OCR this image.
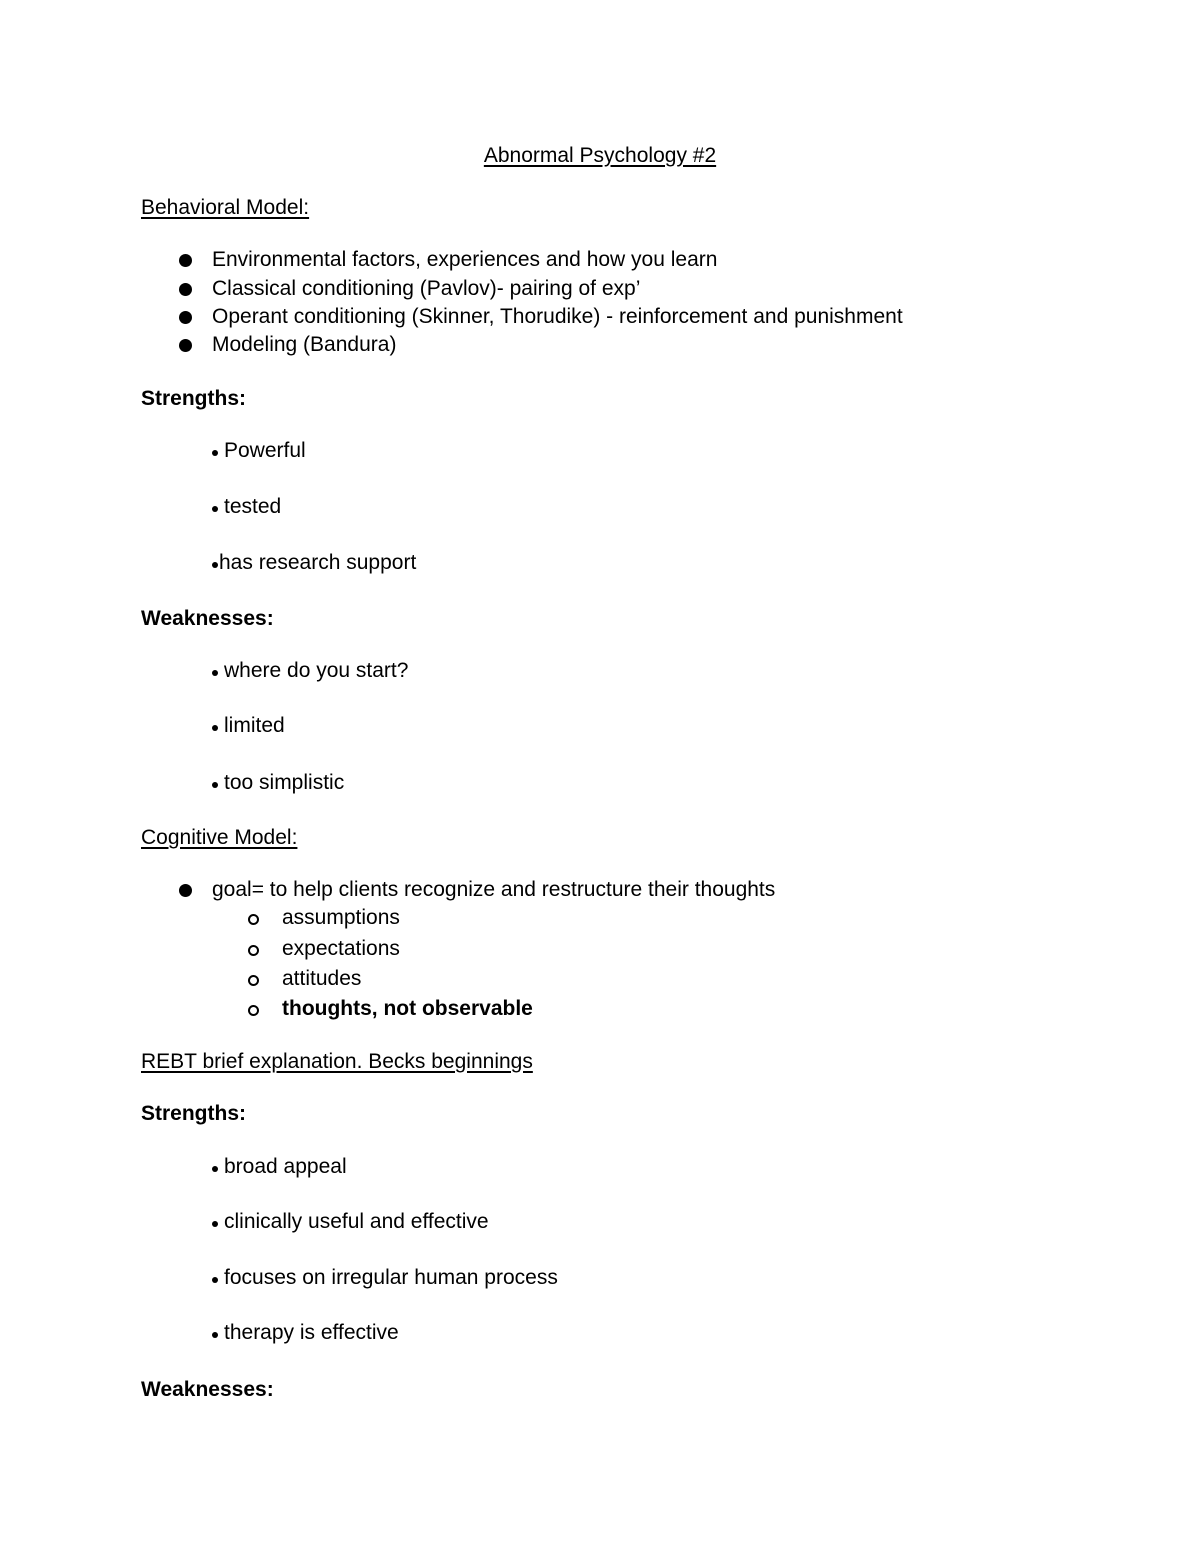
Abnormal Psychology #2
Behavioral Model:
Environmental factors, experiences and how you learn
Classical conditioning (Pavlov)- pairing of exp’
Operant conditioning (Skinner, Thorudike) - reinforcement and punishment
Modeling (Bandura)
Strengths:
Powerful
tested
has research support
Weaknesses:
where do you start?
limited
too simplistic
Cognitive Model:
goal= to help clients recognize and restructure their thoughts
assumptions
expectations
attitudes
thoughts, not observable
REBT brief explanation. Becks beginnings
Strengths:
broad appeal
clinically useful and effective
focuses on irregular human process
therapy is effective
Weaknesses:
